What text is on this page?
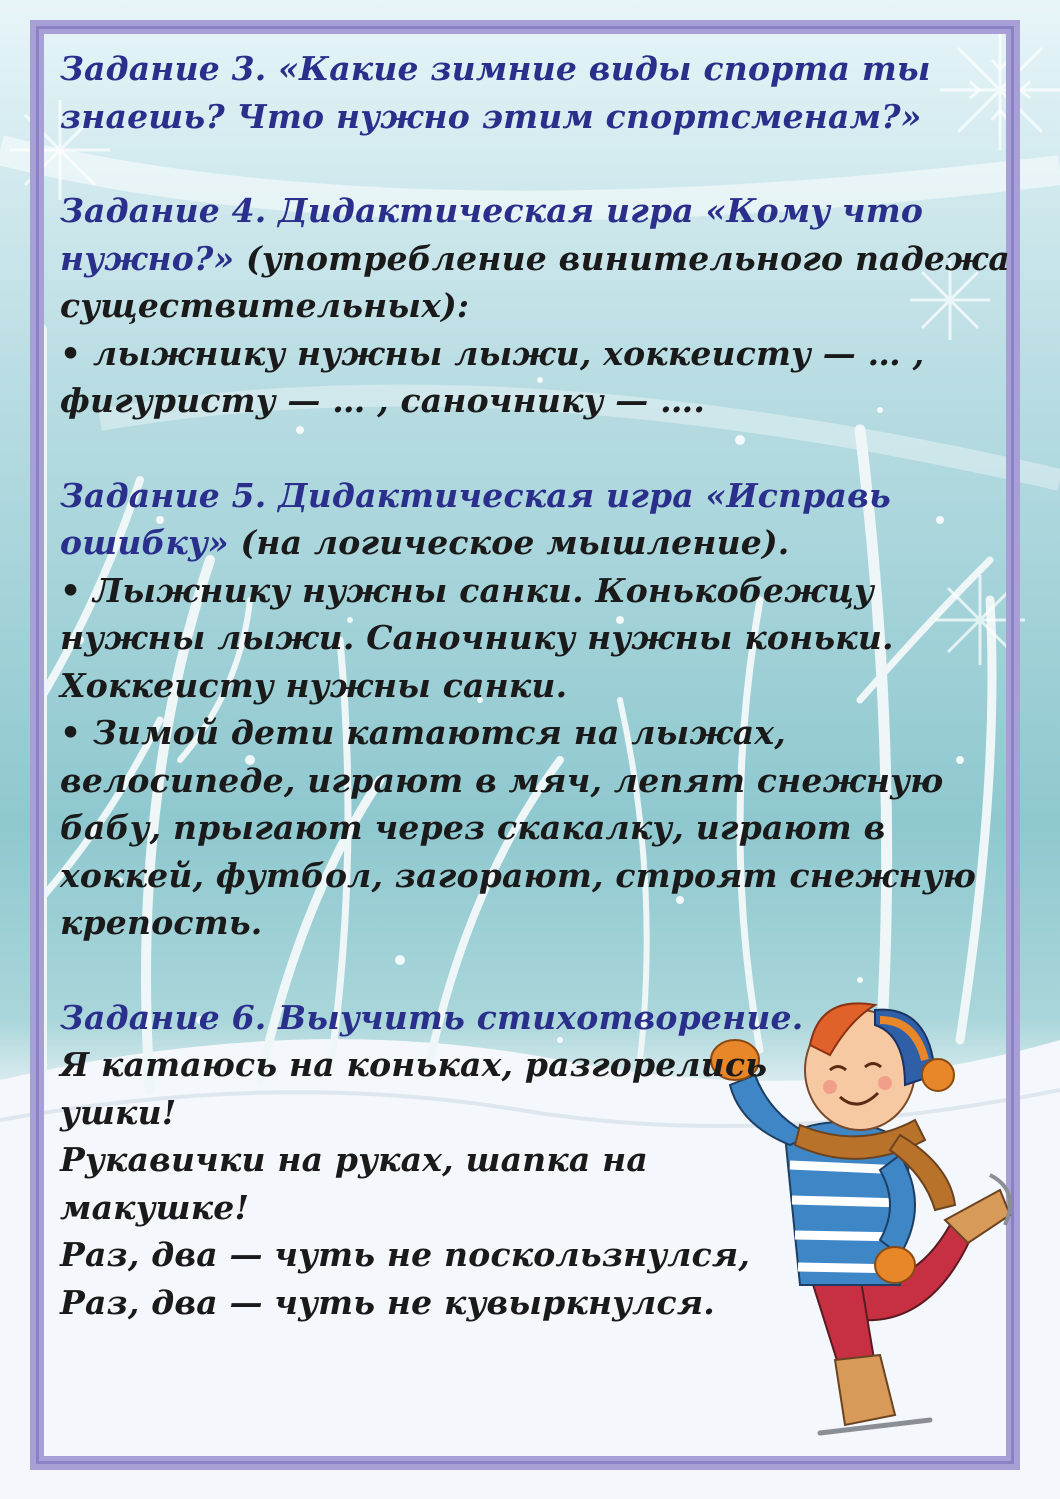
Задание 3. «Какие зимние виды спорта ты знаешь? Что нужно этим спортсменам?»

Задание 4. Дидактическая игра «Кому что нужно?» (употребление винительного падежа существительных):

• лыжнику нужны лыжи, хоккеисту — … , фигуристу — … , саночнику — ….

Задание 5. Дидактическая игра «Исправь ошибку» (на логическое мышление).

• Лыжнику нужны санки. Конькобежцу нужны лыжи. Саночнику нужны коньки. Хоккеисту нужны санки.

• Зимой дети катаются на лыжах, велосипеде, играют в мяч, лепят снежную бабу, прыгают через скакалку, играют в хоккей, футбол, загорают, строят снежную крепость.

Задание 6. Выучить стихотворение.

Я катаюсь на коньках, разгорелись ушки!

Рукавички на руках, шапка на макушке!

Раз, два — чуть не поскользнулся,

Раз, два — чуть не кувыркнулся.
